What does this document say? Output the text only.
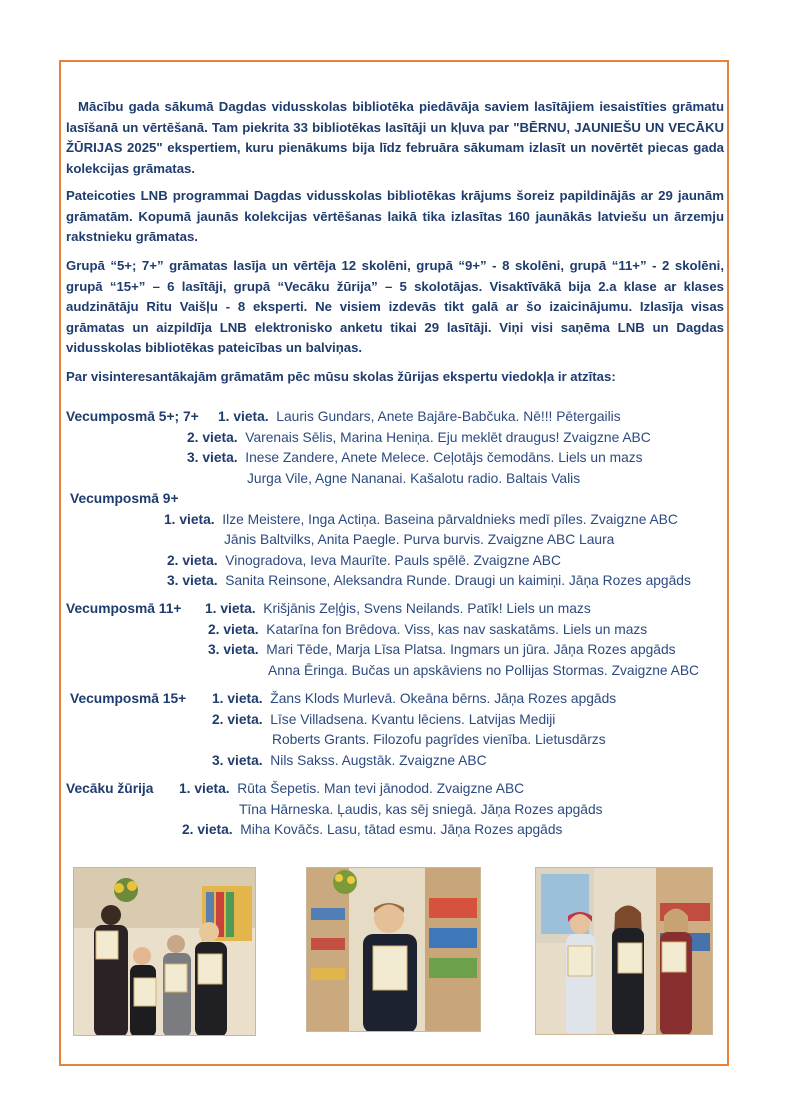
Mācību gada sākumā Dagdas vidusskolas bibliotēka piedāvāja saviem lasītājiem iesaistīties grāmatu lasīšanā un vērtēšanā. Tam piekrita 33 bibliotēkas lasītāji un kļuva par "BĒRNU, JAUNIEŠU UN VECĀKU ŽŪRIJAS 2025" ekspertiem, kuru pienākums bija līdz februāra sākumam izlasīt un novērtēt piecas gada kolekcijas grāmatas.

Pateicoties LNB programmai Dagdas vidusskolas bibliotēkas krājums šoreiz papildinājās ar 29 jaunām grāmatām. Kopumā jaunās kolekcijas vērtēšanas laikā tika izlasītas 160 jaunākās latviešu un ārzemju rakstnieku grāmatas.

Grupā “5+; 7+” grāmatas lasīja un vērtēja 12 skolēni, grupā “9+” - 8 skolēni, grupā “11+” - 2 skolēni, grupā “15+” – 6 lasītāji, grupā “Vecāku žūrija” – 5 skolotājas. Visaktīvākā bija 2.a klase ar klases audzinātāju Ritu Vaišļu - 8 eksperti. Ne visiem izdevās tikt galā ar šo izaicinājumu. Izlasīja visas grāmatas un aizpildīja LNB elektronisko anketu tikai 29 lasītāji. Viņi visi saņēma LNB un Dagdas vidusskolas bibliotēkas pateicības un balviņas.

Par visinteresantākajām grāmatām pēc mūsu skolas žūrijas ekspertu viedokļa ir atzītas:

Vecumposmā 5+; 7+ 1. vieta. Lauris Gundars, Anete Bajāre-Babčuka. Nē!!! Pētergailis
2. vieta. Varenais Sēlis, Marina Heniņa. Eju meklēt draugus! Zvaigzne ABC
3. vieta. Inese Zandere, Anete Melece. Ceļotājs čemodāns. Liels un mazs
Jurga Vile, Agne Nananai. Kašalotu radio. Baltais Valis
Vecumposmā 9+
1. vieta. Ilze Meistere, Inga Actiņa. Baseina pārvaldnieks medī pīles. Zvaigzne ABC
Jānis Baltvilks, Anita Paegle. Purva burvis. Zvaigzne ABC Laura
2. vieta. Vinogradova, Ieva Maurīte. Pauls spēlē. Zvaigzne ABC
3. vieta. Sanita Reinsone, Aleksandra Runde. Draugi un kaimiņi. Jāņa Rozes apgāds
Vecumposmā 11+ 1. vieta. Krišjānis Zeļģis, Svens Neilands. Patīk! Liels un mazs
2. vieta. Katarīna fon Brēdova. Viss, kas nav saskatāms. Liels un mazs
3. vieta. Mari Tēde, Marja Līsa Platsa. Ingmars un jūra. Jāņa Rozes apgāds
Anna Ēringa. Bučas un apskāviens no Pollijas Stormas. Zvaigzne ABC
Vecumposmā 15+ 1. vieta. Žans Klods Murlevā. Okeāna bērns. Jāņa Rozes apgāds
2. vieta. Līse Villadsena. Kvantu lēciens. Latvijas Mediji
Roberts Grants. Filozofu pagrīdes vienība. Lietusdārzs
3. vieta. Nils Sakss. Augstāk. Zvaigzne ABC
Vecāku žūrija 1. vieta. Rūta Šepetis. Man tevi jānodod. Zvaigzne ABC
Tīna Hārneska. Ļaudis, kas sēj sniegā. Jāņa Rozes apgāds
2. vieta. Miha Kovāčs. Lasu, tātad esmu. Jāņa Rozes apgāds
